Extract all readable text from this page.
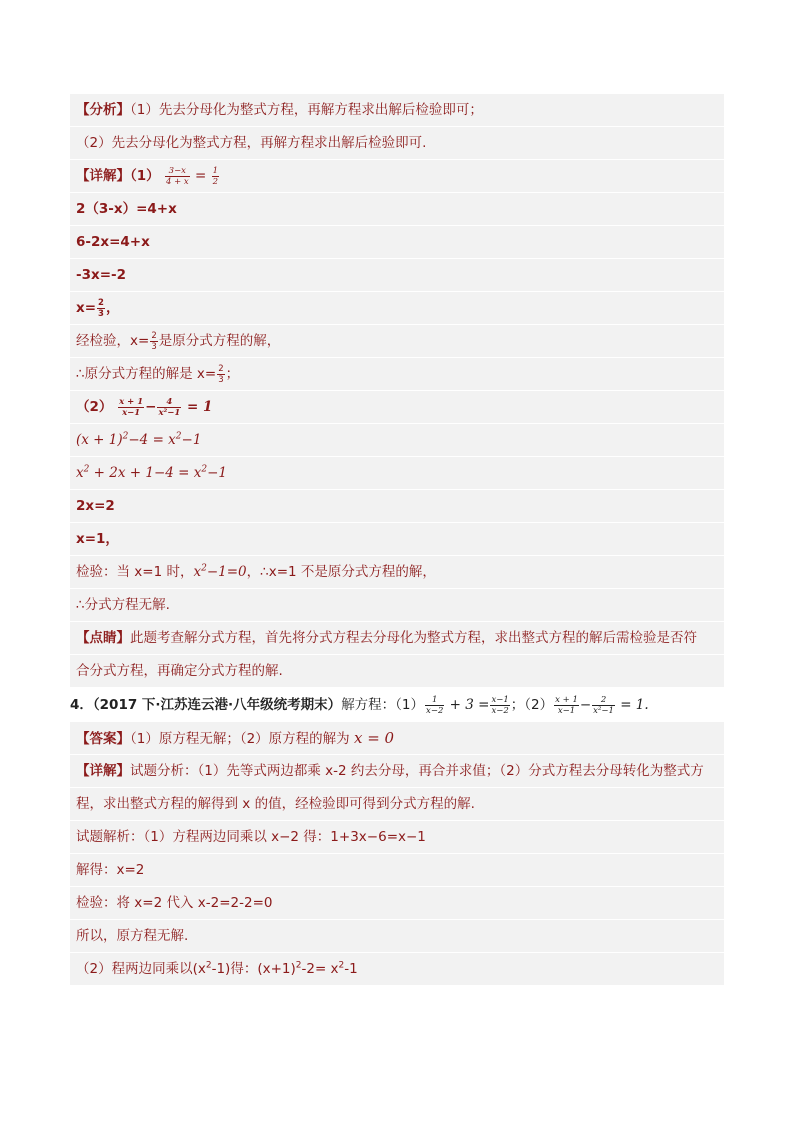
【分析】（1）先去分母化为整式方程，再解方程求出解后检验即可；
（2）先去分母化为整式方程，再解方程求出解后检验即可.
【详解】$(1) \frac{3-x}{4 + x} = \frac{1}{2}$
2（3-x）=4+x
6-2x=4+x
-3x=-2
$x= \frac{2}{3}$ ，
经检验，$x= \frac{2}{3}$ 是原分式方程的解，
∴原分式方程的解是 $x= \frac{2}{3}$ ；
$(2) \frac{x + 1}{x-1} - \frac{4}{\text{x²−1}} = 1$
$(x + 1)^2-4 = x^2-1$
$x^2 + 2x + 1-4 = x^2-1$
2x=2
x=1，
检验：当 x=1 时，$x^2-1=0$，∴x=1 不是原分式方程的解，
∴分式方程无解.
【点睛】此题考查解分式方程，首先将分式方程去分母化为整式方程，求出整式方程的解后需检验是否符
合分式方程，再确定分式方程的解.
4．（2017 下·江苏连云港·八年级统考期末）解方程：$(1) \frac{1}{x-2} + 3 = \frac{x-1}{x-2}$ ；$(2) \frac{x + 1}{x-1} - \frac{2}{\text{x²−1}} = 1$.
【答案】（1）原方程无解；（2）原方程的解为 x = 0
【详解】试题分析：（1）先等式两边都乘 x-2 约去分母，再合并求值；（2）分式方程去分母转化为整式方
程，求出整式方程的解得到 x 的值，经检验即可得到分式方程的解.
试题解析：（1）方程两边同乘以 x−2 得：1+3x−6=x−1
解得：x=2
检验：将 x=2 代入 x-2=2-2=0
所以，原方程无解.
（2）程两边同乘以$(x^2-1)$得：$(x+1)^2-2= x^2-1$
